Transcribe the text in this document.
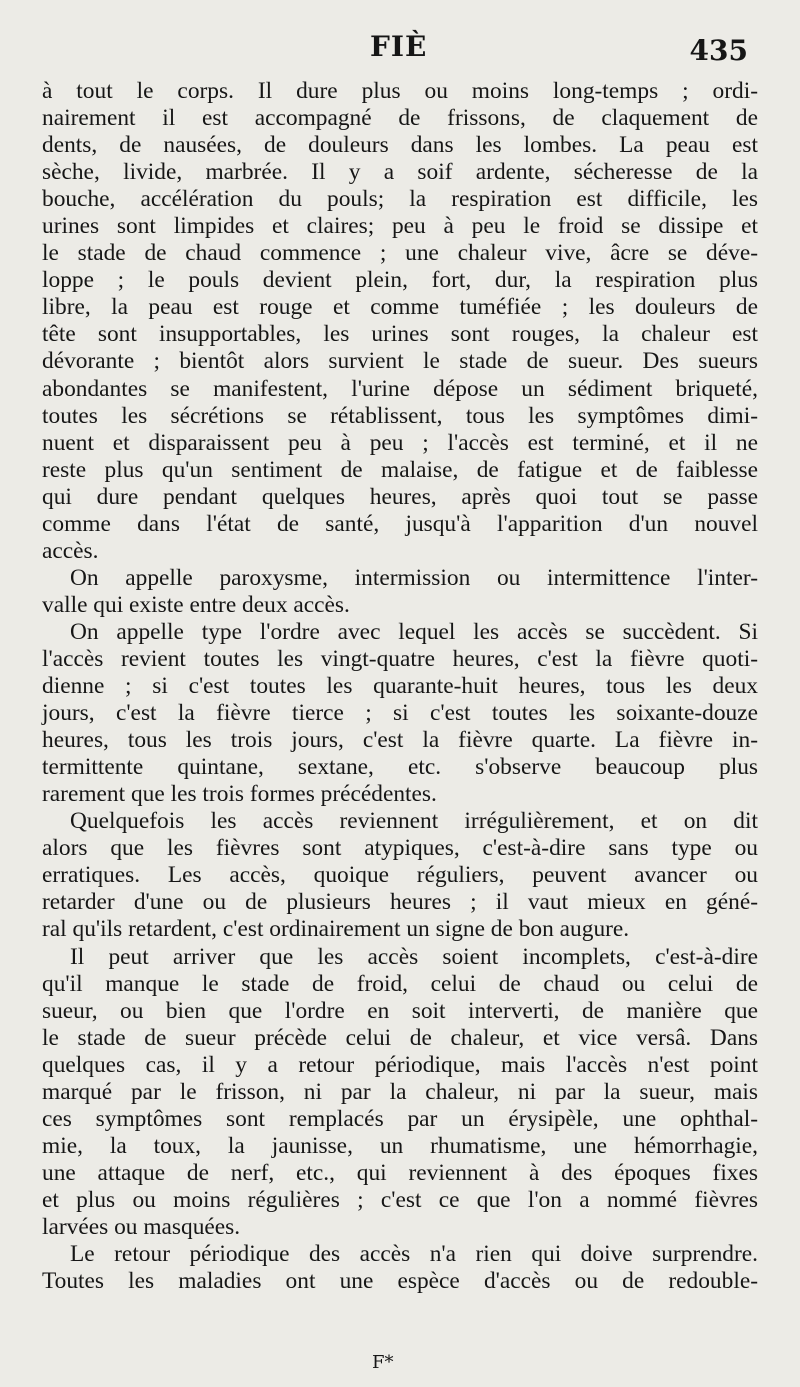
FIÈ	435
à tout le corps. Il dure plus ou moins long-temps ; ordi-
nairement il est accompagné de frissons, de claquement de
dents, de nausées, de douleurs dans les lombes. La peau est
sèche, livide, marbrée. Il y a soif ardente, sécheresse de la
bouche, accélération du pouls; la respiration est difficile, les
urines sont limpides et claires; peu à peu le froid se dissipe et
le stade de chaud commence ; une chaleur vive, âcre se déve-
loppe ; le pouls devient plein, fort, dur, la respiration plus
libre, la peau est rouge et comme tuméfiée ; les douleurs de
tête sont insupportables, les urines sont rouges, la chaleur est
dévorante ; bientôt alors survient le stade de sueur. Des sueurs
abondantes se manifestent, l'urine dépose un sédiment briqueté,
toutes les sécrétions se rétablissent, tous les symptômes dimi-
nuent et disparaissent peu à peu ; l'accès est terminé, et il ne
reste plus qu'un sentiment de malaise, de fatigue et de faiblesse
qui dure pendant quelques heures, après quoi tout se passe
comme dans l'état de santé, jusqu'à l'apparition d'un nouvel
accès.
On appelle paroxysme, intermission ou intermittence l'inter-
valle qui existe entre deux accès.
On appelle type l'ordre avec lequel les accès se succèdent. Si
l'accès revient toutes les vingt-quatre heures, c'est la fièvre quoti-
dienne ; si c'est toutes les quarante-huit heures, tous les deux
jours, c'est la fièvre tierce ; si c'est toutes les soixante-douze
heures, tous les trois jours, c'est la fièvre quarte. La fièvre in-
termittente quintane, sextane, etc. s'observe beaucoup plus
rarement que les trois formes précédentes.
Quelquefois les accès reviennent irrégulièrement, et on dit
alors que les fièvres sont atypiques, c'est-à-dire sans type ou
erratiques. Les accès, quoique réguliers, peuvent avancer ou
retarder d'une ou de plusieurs heures ; il vaut mieux en géné-
ral qu'ils retardent, c'est ordinairement un signe de bon augure.
Il peut arriver que les accès soient incomplets, c'est-à-dire
qu'il manque le stade de froid, celui de chaud ou celui de
sueur, ou bien que l'ordre en soit interverti, de manière que
le stade de sueur précède celui de chaleur, et vice versâ. Dans
quelques cas, il y a retour périodique, mais l'accès n'est point
marqué par le frisson, ni par la chaleur, ni par la sueur, mais
ces symptômes sont remplacés par un érysipèle, une ophthal-
mie, la toux, la jaunisse, un rhumatisme, une hémorrhagie,
une attaque de nerf, etc., qui reviennent à des époques fixes
et plus ou moins régulières ; c'est ce que l'on a nommé fièvres
larvées ou masquées.
Le retour périodique des accès n'a rien qui doive surprendre.
Toutes les maladies ont une espèce d'accès ou de redouble-
F*
